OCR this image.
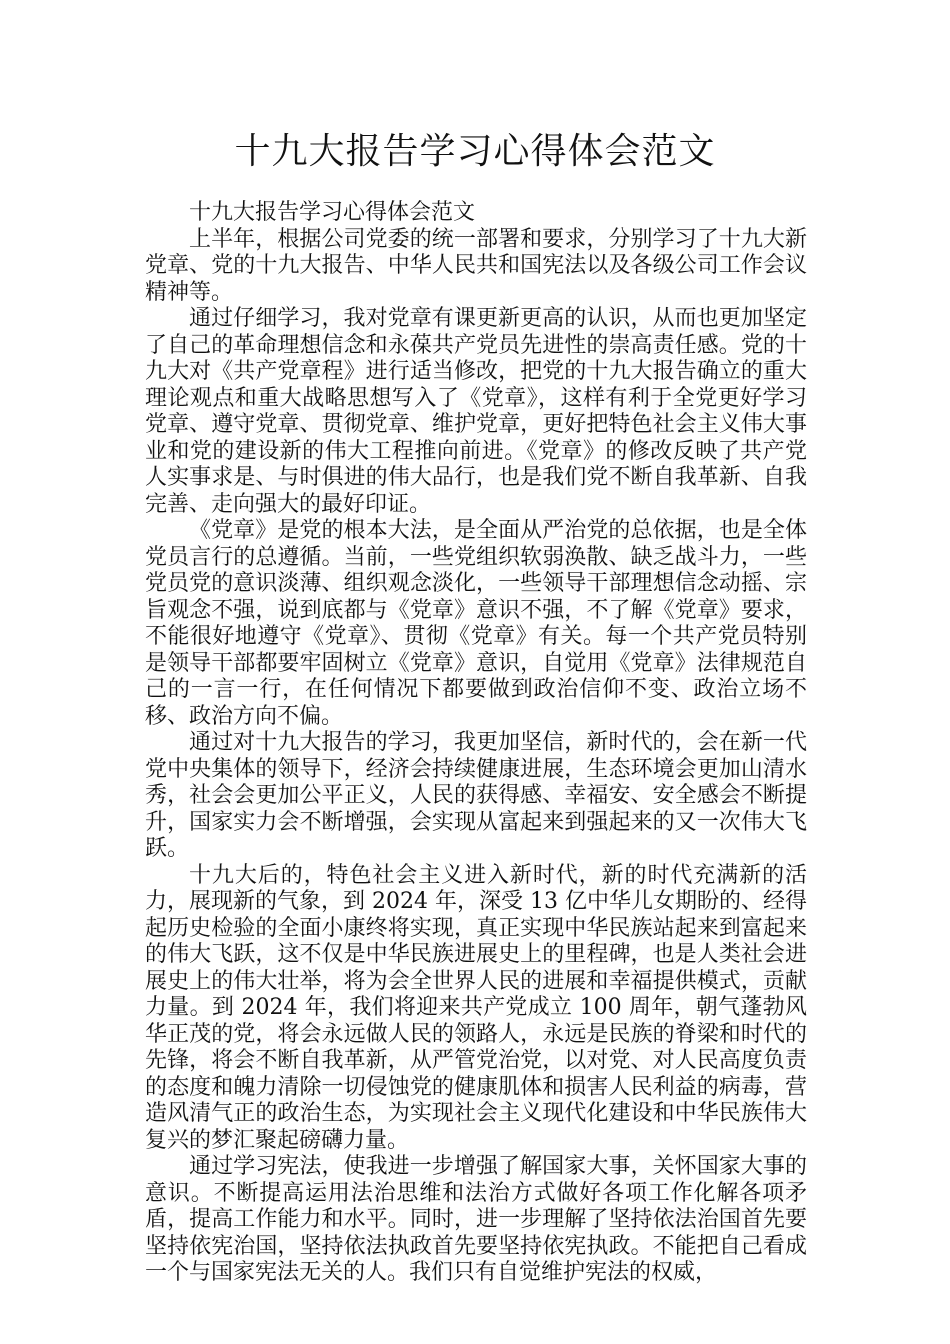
十九大报告学习心得体会范文

十九大报告学习心得体会范文

上半年，根据公司党委的统一部署和要求，分别学习了十九大新党章、党的十九大报告、中华人民共和国宪法以及各级公司工作会议精神等。

通过仔细学习，我对党章有课更新更高的认识，从而也更加坚定了自己的革命理想信念和永葆共产党员先进性的崇高责任感。党的十九大对《共产党章程》进行适当修改，把党的十九大报告确立的重大理论观点和重大战略思想写入了《党章》，这样有利于全党更好学习党章、遵守党章、贯彻党章、维护党章，更好把特色社会主义伟大事业和党的建设新的伟大工程推向前进。《党章》的修改反映了共产党人实事求是、与时俱进的伟大品行，也是我们党不断自我革新、自我完善、走向强大的最好印证。

《党章》是党的根本大法，是全面从严治党的总依据，也是全体党员言行的总遵循。当前，一些党组织软弱涣散、缺乏战斗力，一些党员党的意识淡薄、组织观念淡化，一些领导干部理想信念动摇、宗旨观念不强，说到底都与《党章》意识不强，不了解《党章》要求，不能很好地遵守《党章》、贯彻《党章》有关。每一个共产党员特别是领导干部都要牢固树立《党章》意识，自觉用《党章》法律规范自己的一言一行，在任何情况下都要做到政治信仰不变、政治立场不移、政治方向不偏。

通过对十九大报告的学习，我更加坚信，新时代的，会在新一代党中央集体的领导下，经济会持续健康进展，生态环境会更加山清水秀，社会会更加公平正义，人民的获得感、幸福安、安全感会不断提升，国家实力会不断增强，会实现从富起来到强起来的又一次伟大飞跃。

十九大后的，特色社会主义进入新时代，新的时代充满新的活力，展现新的气象，到 2024 年，深受 13 亿中华儿女期盼的、经得起历史检验的全面小康终将实现，真正实现中华民族站起来到富起来的伟大飞跃，这不仅是中华民族进展史上的里程碑，也是人类社会进展史上的伟大壮举，将为会全世界人民的进展和幸福提供模式，贡献力量。到 2024 年，我们将迎来共产党成立 100 周年，朝气蓬勃风华正茂的党，将会永远做人民的领路人，永远是民族的脊梁和时代的先锋，将会不断自我革新，从严管党治党，以对党、对人民高度负责的态度和魄力清除一切侵蚀党的健康肌体和损害人民利益的病毒，营造风清气正的政治生态，为实现社会主义现代化建设和中华民族伟大复兴的梦汇聚起磅礴力量。

通过学习宪法，使我进一步增强了解国家大事，关怀国家大事的意识。不断提高运用法治思维和法治方式做好各项工作化解各项矛盾，提高工作能力和水平。同时，进一步理解了坚持依法治国首先要坚持依宪治国，坚持依法执政首先要坚持依宪执政。不能把自己看成一个与国家宪法无关的人。我们只有自觉维护宪法的权威，
